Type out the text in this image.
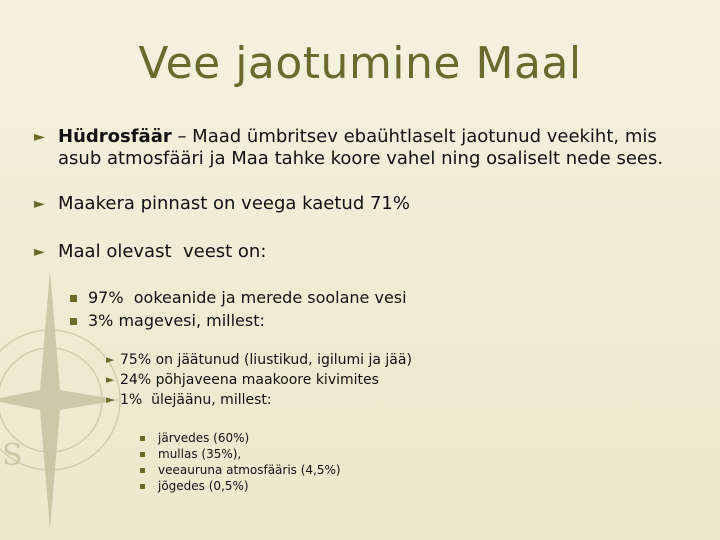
S
Vee jaotumine Maal
► Hüdrosfäär – Maad ümbritsev ebaühtlaselt jaotunud veekiht, mis asub atmosfääri ja Maa tahke koore vahel ning osaliselt nede sees.
► Maakera pinnast on veega kaetud 71%
► Maal olevast  veest on:
97%  ookeanide ja merede soolane vesi
3% magevesi, millest:
► 75% on jäätunud (liustikud, igilumi ja jää)
► 24% põhjaveena maakoore kivimites
► 1%  ülejäänu, millest:
järvedes (60%)
mullas (35%),
veeauruna atmosfääris (4,5%)
jõgedes (0,5%)
